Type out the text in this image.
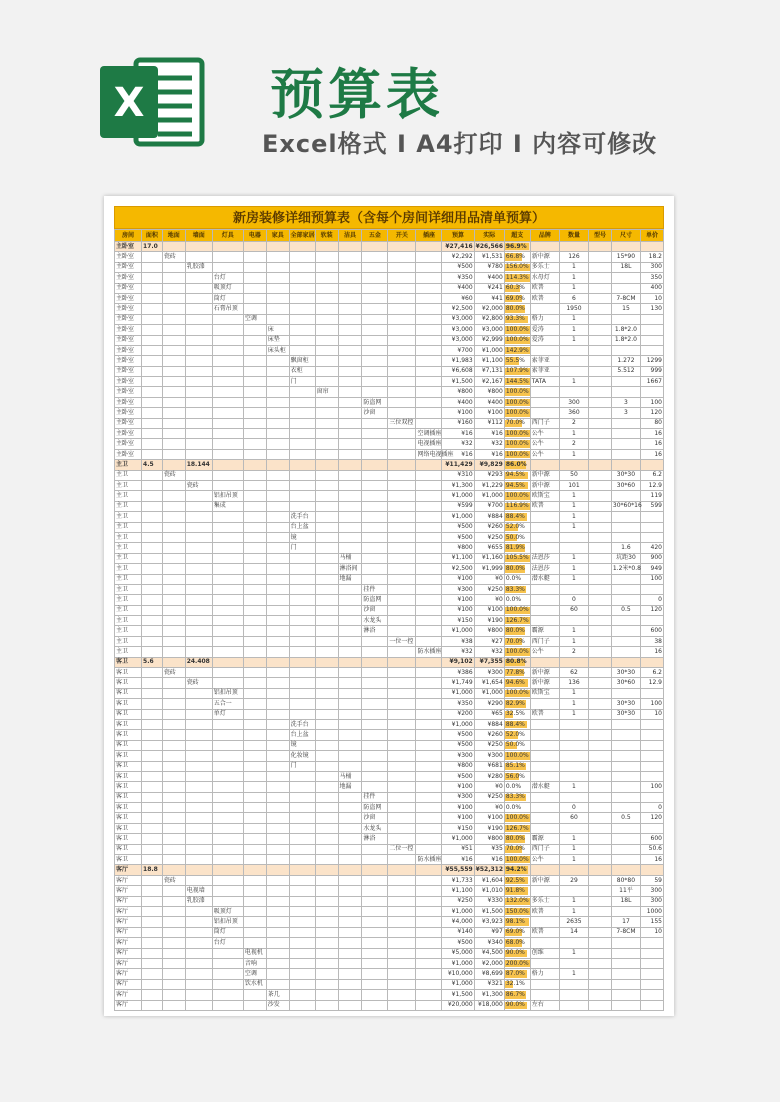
X 预算表
Excel格式 I A4打印 I 内容可修改
新房装修详细预算表（含每个房间详细用品清单预算）
房间	面积	地面	墙面	灯具	电器	家具	全部家居	软装	洁具	五金	开关	插座	预算	实际	超支	品牌	数量	型号	尺寸	单价
主卧室	17.0												¥27,416	¥26,566	96.9%					
主卧室		瓷砖											¥2,292	¥1,531	66.8%	新中源	126		15*90	18.2
主卧室			乳胶漆										¥500	¥780	156.0%	多乐士	1		18L	300
主卧室				台灯									¥350	¥400	114.3%	水母灯	1			350
主卧室				吸顶灯									¥400	¥241	60.3%	欧普	1			400
主卧室				筒灯									¥60	¥41	69.0%	欧普	6		7-8CM	10
主卧室				石膏吊顶									¥2,500	¥2,000	80.0%		1950		15	130
主卧室					空调								¥3,000	¥2,800	93.3%	格力	1			
主卧室						床							¥3,000	¥3,000	100.0%	爱涛	1		1.8*2.0	
主卧室						床垫							¥3,000	¥2,999	100.0%	爱涛	1		1.8*2.0	
主卧室						床头柜							¥700	¥1,000	142.9%					
主卧室							飘窗柜						¥1,983	¥1,100	55.5%	索菲亚			1.272	1299
主卧室							衣柜						¥6,608	¥7,131	107.9%	索菲亚			5.512	999
主卧室							门						¥1,500	¥2,167	144.5%	TATA	1			1667
主卧室								窗帘					¥800	¥800	100.0%					
主卧室										防盗网			¥400	¥400	100.0%		300		3	100
主卧室										沙窗			¥100	¥100	100.0%		360		3	120
主卧室											三位双控		¥160	¥112	70.0%	西门子	2			80
主卧室												空调插座	¥16	¥16	100.0%	公牛	1			16
主卧室												电视插座	¥32	¥32	100.0%	公牛	2			16
主卧室												网络电视插座	¥16	¥16	100.0%	公牛	1			16
主卫	4.5		18.144										¥11,429	¥9,829	86.0%					
主卫		瓷砖											¥310	¥293	94.5%	新中源	50		30*30	6.2
主卫			瓷砖										¥1,300	¥1,229	94.5%	新中源	101		30*60	12.9
主卫				铝扣吊顶									¥1,000	¥1,000	100.0%	欧斯宝	1			119
主卫				集成									¥599	¥700	116.9%	欧普	1		30*60*16	599
主卫							洗手台						¥1,000	¥884	88.4%		1			
主卫							台上盆						¥500	¥260	52.0%		1			
主卫							镜						¥500	¥250	50.0%					
主卫							门						¥800	¥655	81.9%				1.6	420
主卫									马桶				¥1,100	¥1,160	105.5%	法恩莎	1		坑距30	900
主卫									淋浴间				¥2,500	¥1,999	80.0%	法恩莎	1		1.2米*0.8	949
主卫									地漏				¥100	¥0	0.0%	潜水艇	1			100
主卫										挂件			¥300	¥250	83.3%					
主卫										防盗网			¥100	¥0	0.0%		0			0
主卫										沙窗			¥100	¥100	100.0%		60		0.5	120
主卫										水龙头			¥150	¥190	126.7%					
主卫										淋浴			¥1,000	¥800	80.0%	霸源	1			600
主卫											一位一控		¥38	¥27	70.0%	西门子	1			38
主卫												防水插座	¥32	¥32	100.0%	公牛	2			16
客卫	5.6		24.408										¥9,102	¥7,355	80.8%					
客卫		瓷砖											¥386	¥300	77.8%	新中源	62		30*30	6.2
客卫			瓷砖										¥1,749	¥1,654	94.6%	新中源	136		30*60	12.9
客卫				铝扣吊顶									¥1,000	¥1,000	100.0%	欧斯宝	1			
客卫				五合一									¥350	¥290	82.9%		1		30*30	100
客卫				单灯									¥200	¥65	32.5%	欧普	1		30*30	10
客卫							洗手台						¥1,000	¥884	88.4%					
客卫							台上盆						¥500	¥260	52.0%					
客卫							镜						¥500	¥250	50.0%					
客卫							化妆镜						¥300	¥300	100.0%					
客卫							门						¥800	¥681	85.1%					
客卫									马桶				¥500	¥280	56.0%					
客卫									地漏				¥100	¥0	0.0%	潜水艇	1			100
客卫										挂件			¥300	¥250	83.3%					
客卫										防盗网			¥100	¥0	0.0%		0			0
客卫										沙窗			¥100	¥100	100.0%		60		0.5	120
客卫										水龙头			¥150	¥190	126.7%					
客卫										淋浴			¥1,000	¥800	80.0%	霸源	1			600
客卫											二位一控		¥51	¥35	70.0%	西门子	1			50.6
客卫												防水插座	¥16	¥16	100.0%	公牛	1			16
客厅	18.8												¥55,559	¥52,312	94.2%					
客厅		瓷砖											¥1,733	¥1,604	92.5%	新中源	29		80*80	59
客厅			电视墙										¥1,100	¥1,010	91.8%				11平	300
客厅			乳胶漆										¥250	¥330	132.0%	多乐士	1		18L	300
客厅				吸顶灯									¥1,000	¥1,500	150.0%	欧普	1			1000
客厅				铝扣吊顶									¥4,000	¥3,923	98.1%		2635		17	155
客厅				筒灯									¥140	¥97	69.0%	欧普	14		7-8CM	10
客厅				台灯									¥500	¥340	68.0%					
客厅					电视机								¥5,000	¥4,500	90.0%	创维	1			
客厅					音响								¥1,000	¥2,000	200.0%					
客厅					空调								¥10,000	¥8,699	87.0%	格力	1			
客厅					饮水机								¥1,000	¥321	32.1%					
客厅						茶几							¥1,500	¥1,300	86.7%					
客厅						沙发							¥20,000	¥18,000	90.0%	左右				
